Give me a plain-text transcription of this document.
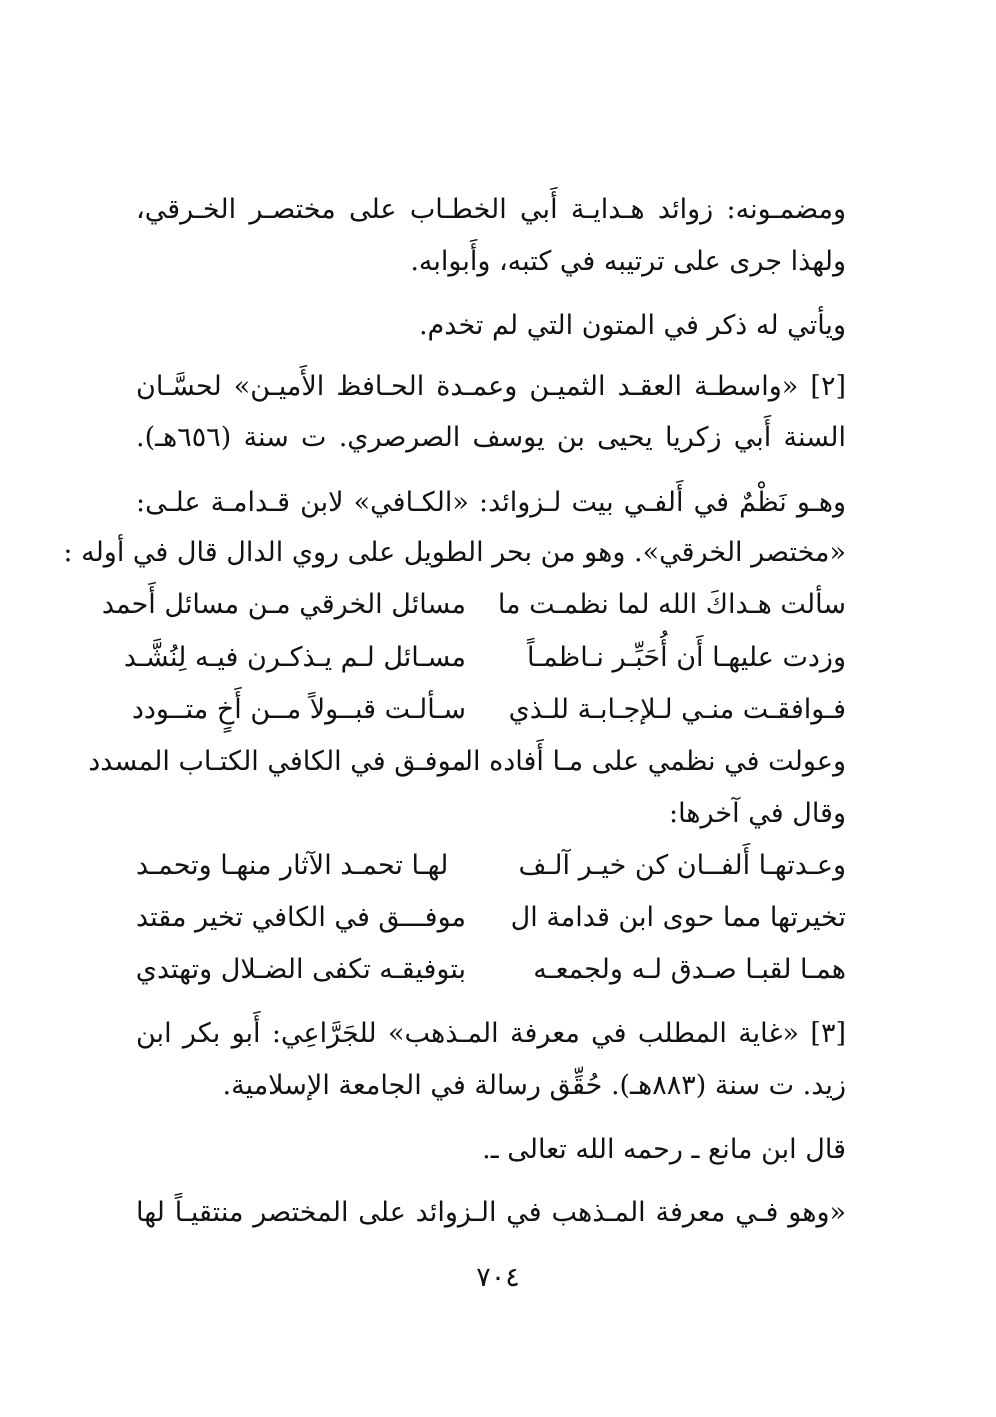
ومضمـونه: زوائد هـدايـة أَبي الخطـاب على مختصـر الخـرقي،
ولهذا جرى على ترتيبه في كتبه، وأَبوابه.
ويأتي له ذكر في المتون التي لم تخدم.
[٢] «واسطـة العقـد الثميـن وعمـدة الحـافظ الأَميـن» لحسَّـان
السنة أَبي زكريا يحيى بن يوسف الصرصري. ت سنة (٦٥٦هـ).
وهـو نَظْمٌ في أَلفـي بيت لـزوائد: «الكـافي» لابن قـدامـة علـى:
«مختصر الخرقي». وهو من بحر الطويل على روي الدال قال في أوله :
سألت هـداكَ الله لما نظمـت ما
مسائل الخرقي مـن مسائل أَحمد
وزدت عليهـا أَن أُحَبِّـر نـاظمـاً
مسـائل لـم يـذكـرن فيـه لِنُشَّـد
فـوافقـت منـي لـلإجـابـة للـذي
سـألـت قبــولاً مــن أَخٍ متــودد
وعولت في نظمي على مـا أَفاده الـ
موفـق في الكافي الكتـاب المسدد
وقال في آخرها:
وعـدتهـا أَلفــان كن خيـر آلـف
لهـا تحمـد الآثار منهـا وتحمـد
تخيرتها مما حوى ابن قدامة ال
موفـــق في الكافي تخير مقتد
همـا لقبـا صـدق لـه ولجمعـه
بتوفيقـه تكفى الضـلال وتهتدي
[٣] «غاية المطلب في معرفة المـذهب» للجَرَّاعِي: أَبو بكر ابن
زيد. ت سنة (٨٨٣هـ). حُقِّق رسالة في الجامعة الإسلامية.
قال ابن مانع ـ رحمه الله تعالى ـ.
«وهو فـي معرفة المـذهب في الـزوائد على المختصر منتقيـاً لها
٧٠٤
